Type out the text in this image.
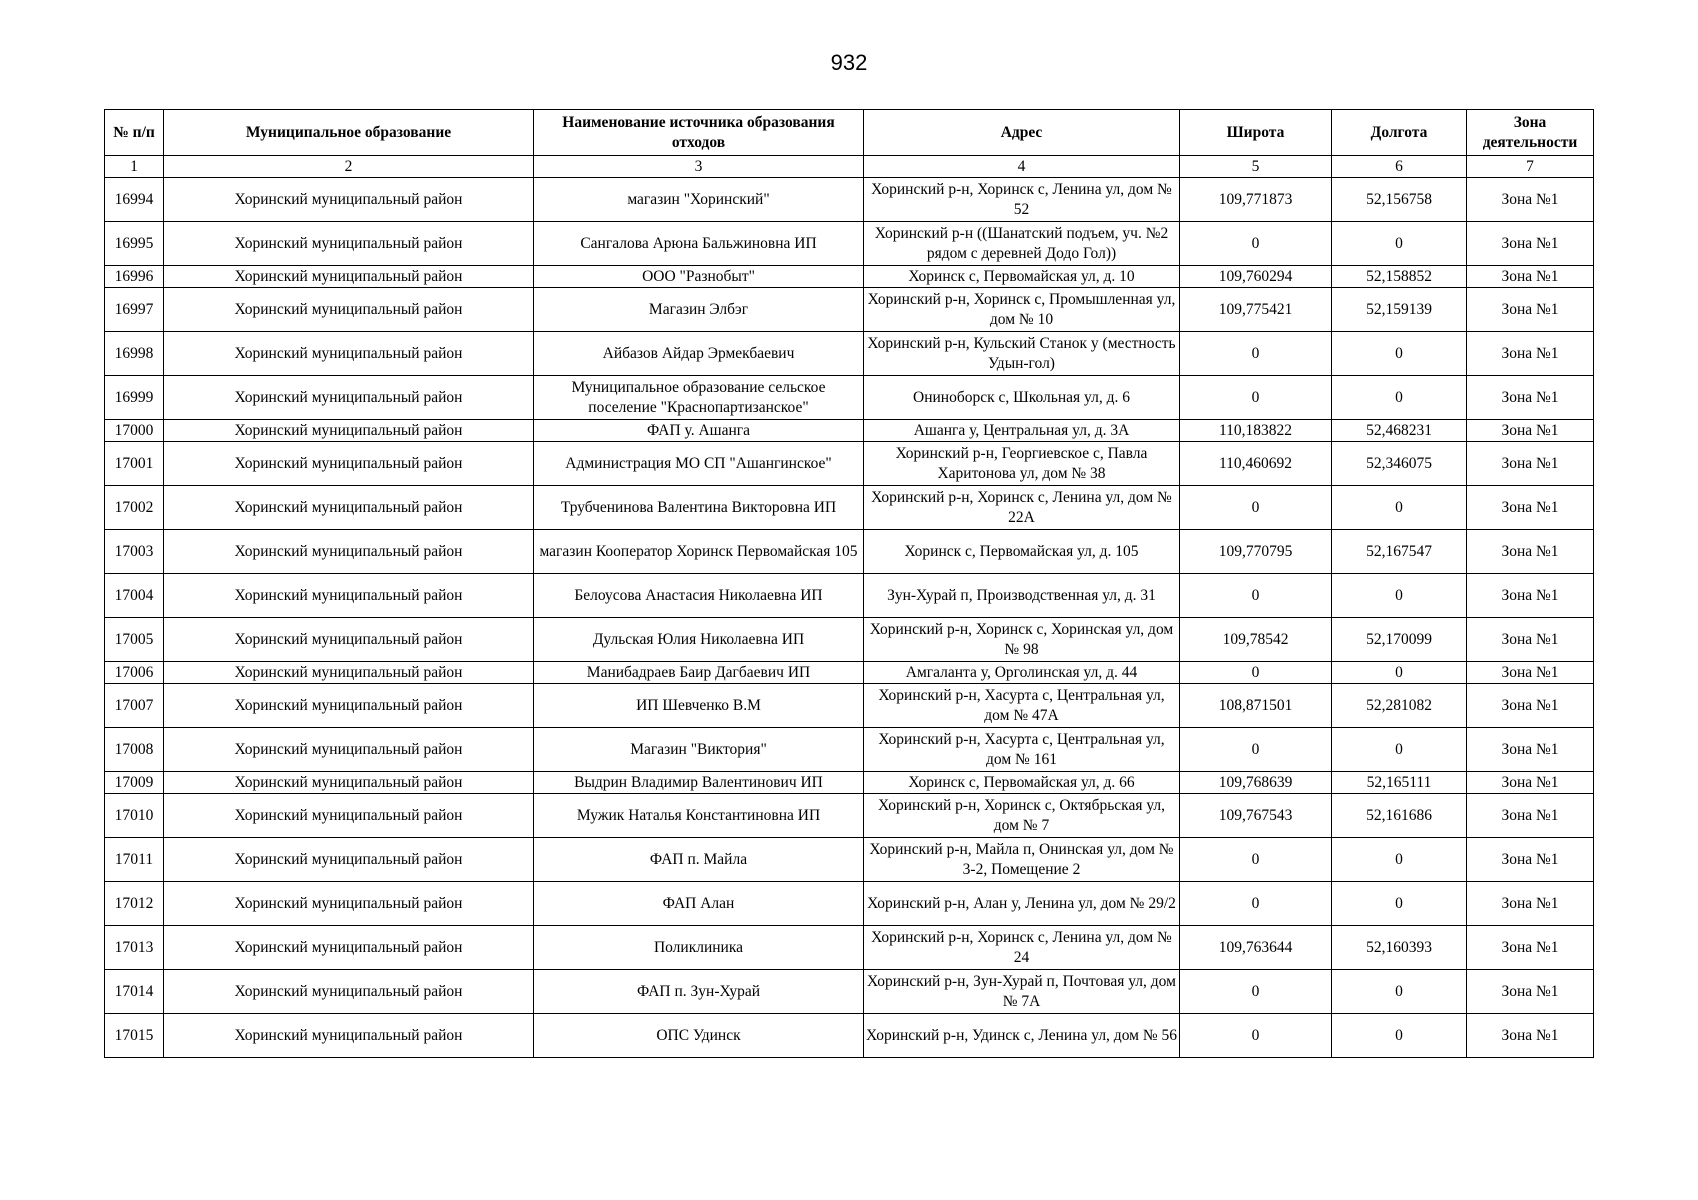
932
№ п/п	Муниципальное образование	Наименование источника образования отходов	Адрес	Широта	Долгота	Зона деятельности
1	2	3	4	5	6	7
16994	Хоринский муниципальный район	магазин "Хоринский"	Хоринский р-н, Хоринск с, Ленина ул, дом № 52	109,771873	52,156758	Зона №1
16995	Хоринский муниципальный район	Сангалова Арюна Бальжиновна ИП	Хоринский р-н ((Шанатский подъем, уч. №2 рядом с деревней Додо Гол))	0	0	Зона №1
16996	Хоринский муниципальный район	ООО "Разнобыт"	Хоринск с, Первомайская ул, д. 10	109,760294	52,158852	Зона №1
16997	Хоринский муниципальный район	Магазин Элбэг	Хоринский р-н, Хоринск с, Промышленная ул, дом № 10	109,775421	52,159139	Зона №1
16998	Хоринский муниципальный район	Айбазов Айдар Эрмекбаевич	Хоринский р-н, Кульский Станок у (местность Удын-гол)	0	0	Зона №1
16999	Хоринский муниципальный район	Муниципальное образование сельское поселение "Краснопартизанское"	Онинoборск с, Школьная ул, д. 6	0	0	Зона №1
17000	Хоринский муниципальный район	ФАП у. Ашанга	Ашанга у, Центральная ул, д. 3А	110,183822	52,468231	Зона №1
17001	Хоринский муниципальный район	Администрация МО СП "Ашангинское"	Хоринский р-н, Георгиевское с, Павла Харитонова ул, дом № 38	110,460692	52,346075	Зона №1
17002	Хоринский муниципальный район	Трубченинова Валентина Викторовна ИП	Хоринский р-н, Хоринск с, Ленина ул, дом № 22А	0	0	Зона №1
17003	Хоринский муниципальный район	магазин Кооператор Хоринск Первомайская 105	Хоринск с, Первомайская ул, д. 105	109,770795	52,167547	Зона №1
17004	Хоринский муниципальный район	Белоусова Анастасия Николаевна ИП	Зун-Хурай п, Производственная ул, д. 31	0	0	Зона №1
17005	Хоринский муниципальный район	Дульская Юлия Николаевна ИП	Хоринский р-н, Хоринск с, Хоринская ул, дом № 98	109,78542	52,170099	Зона №1
17006	Хоринский муниципальный район	Манибадраев Баир Дагбаевич ИП	Амгаланта у, Орголинская ул, д. 44	0	0	Зона №1
17007	Хоринский муниципальный район	ИП Шевченко В.М	Хоринский р-н, Хасурта с, Центральная ул, дом № 47А	108,871501	52,281082	Зона №1
17008	Хоринский муниципальный район	Магазин "Виктория"	Хоринский р-н, Хасурта с, Центральная ул, дом № 161	0	0	Зона №1
17009	Хоринский муниципальный район	Выдрин Владимир Валентинович ИП	Хоринск с, Первомайская ул, д. 66	109,768639	52,165111	Зона №1
17010	Хоринский муниципальный район	Мужик Наталья Константиновна ИП	Хоринский р-н, Хоринск с, Октябрьская ул, дом № 7	109,767543	52,161686	Зона №1
17011	Хоринский муниципальный район	ФАП п. Майла	Хоринский р-н, Майла п, Онинская ул, дом № 3-2, Помещение 2	0	0	Зона №1
17012	Хоринский муниципальный район	ФАП Алан	Хоринский р-н, Алан у, Ленина ул, дом № 29/2	0	0	Зона №1
17013	Хоринский муниципальный район	Поликлиника	Хоринский р-н, Хоринск с, Ленина ул, дом № 24	109,763644	52,160393	Зона №1
17014	Хоринский муниципальный район	ФАП п. Зун-Хурай	Хоринский р-н, Зун-Хурай п, Почтовая ул, дом № 7А	0	0	Зона №1
17015	Хоринский муниципальный район	ОПС Удинск	Хоринский р-н, Удинск с, Ленина ул, дом № 56	0	0	Зона №1
